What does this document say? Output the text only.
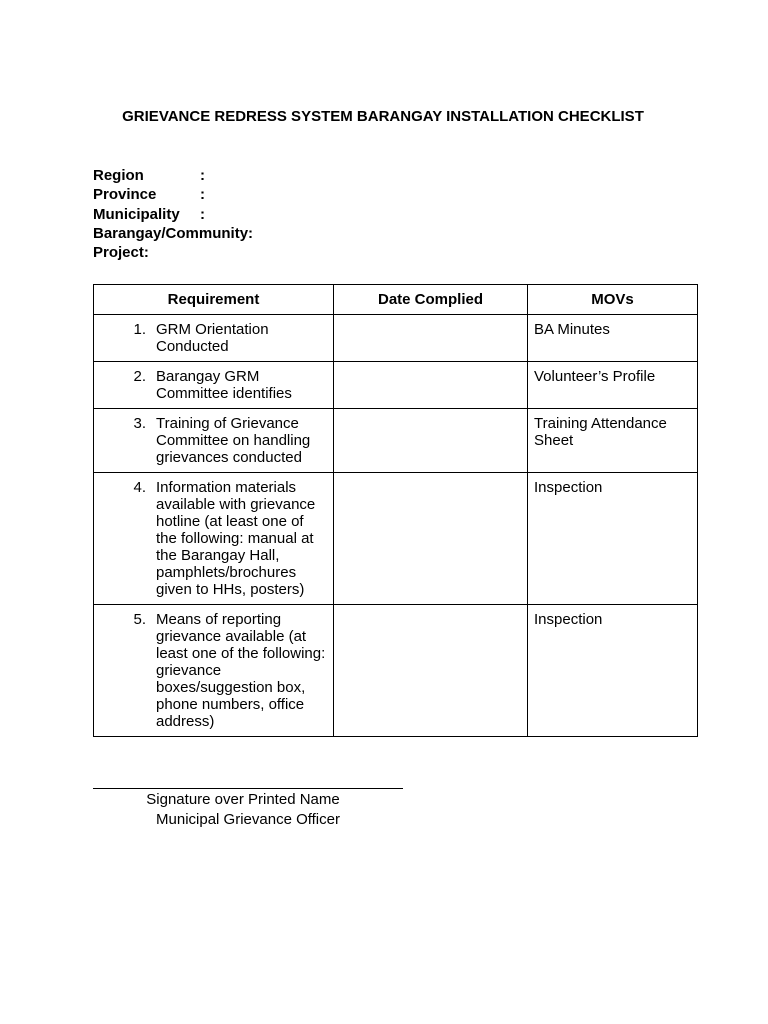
GRIEVANCE REDRESS SYSTEM BARANGAY INSTALLATION CHECKLIST
Region	:
Province	:
Municipality :
Barangay/Community:
Project:
Requirement	Date Complied	MOVs

1. GRM Orientation Conducted		BA Minutes

2. Barangay GRM Committee identifies		Volunteer’s Profile

3. Training of Grievance Committee on handling grievances conducted		Training Attendance Sheet

4. Information materials available with grievance hotline (at least one of the following: manual at the Barangay Hall, pamphlets/brochures given to HHs, posters)		Inspection

5. Means of reporting grievance available (at least one of the following: grievance boxes/suggestion box, phone numbers, office address)		Inspection
Signature over Printed Name
Municipal Grievance Officer
